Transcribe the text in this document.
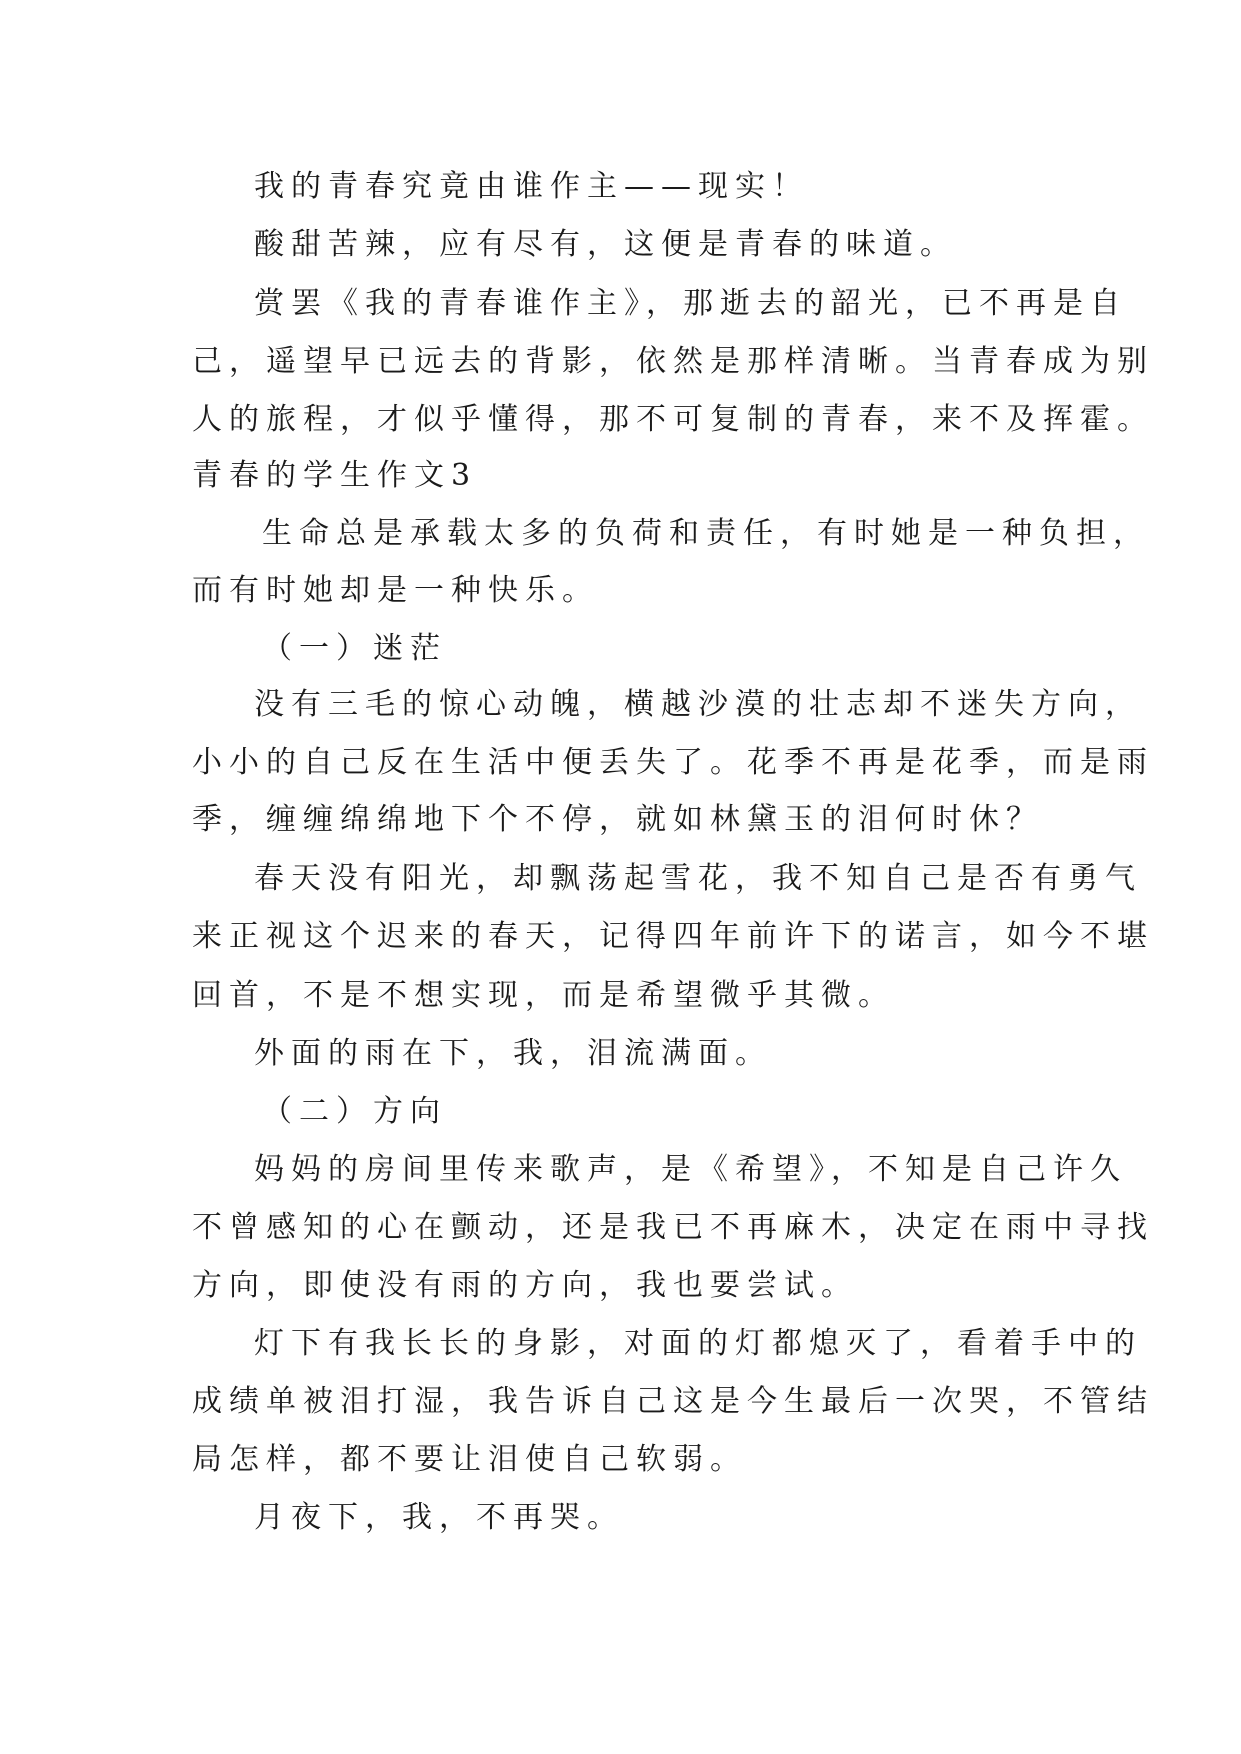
我的青春究竟由谁作主——现实！
酸甜苦辣，应有尽有，这便是青春的味道。
赏罢《我的青春谁作主》，那逝去的韶光，已不再是自
己，遥望早已远去的背影，依然是那样清晰。当青春成为别
人的旅程，才似乎懂得，那不可复制的青春，来不及挥霍。
青春的学生作文3
生命总是承载太多的负荷和责任，有时她是一种负担，
而有时她却是一种快乐。
（一）迷茫
没有三毛的惊心动魄，横越沙漠的壮志却不迷失方向，
小小的自己反在生活中便丢失了。花季不再是花季，而是雨
季，缠缠绵绵地下个不停，就如林黛玉的泪何时休？
春天没有阳光，却飘荡起雪花，我不知自己是否有勇气
来正视这个迟来的春天，记得四年前许下的诺言，如今不堪
回首，不是不想实现，而是希望微乎其微。
外面的雨在下，我，泪流满面。
（二）方向
妈妈的房间里传来歌声，是《希望》，不知是自己许久
不曾感知的心在颤动，还是我已不再麻木，决定在雨中寻找
方向，即使没有雨的方向，我也要尝试。
灯下有我长长的身影，对面的灯都熄灭了，看着手中的
成绩单被泪打湿，我告诉自己这是今生最后一次哭，不管结
局怎样，都不要让泪使自己软弱。
月夜下，我，不再哭。
